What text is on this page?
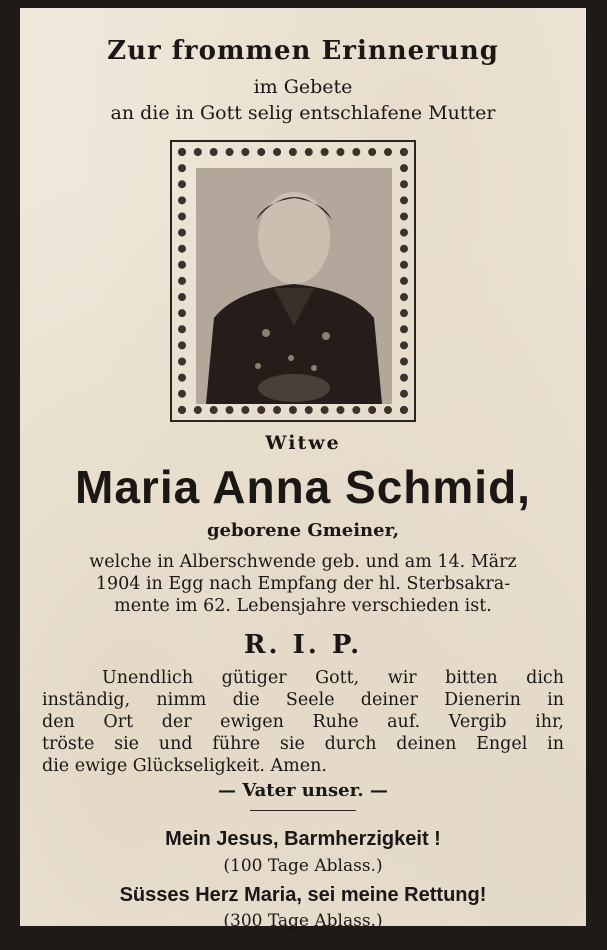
Zur frommen Erinnerung
im Gebete
an die in Gott selig entschlafene Mutter
Witwe
Maria Anna Schmid,
geborene Gmeiner,
welche in Alberschwende geb. und am 14. März
1904 in Egg nach Empfang der hl. Sterbsakra-
mente im 62. Lebensjahre verschieden ist.
R. I. P.
Unendlich gütiger Gott, wir bitten dich
inständig, nimm die Seele deiner Dienerin in
den Ort der ewigen Ruhe auf. Vergib ihr,
tröste sie und führe sie durch deinen Engel in
die ewige Glückseligkeit. Amen.
— Vater unser. —
Mein Jesus, Barmherzigkeit !
(100 Tage Ablass.)
Süsses Herz Maria, sei meine Rettung!
(300 Tage Ablass.)
